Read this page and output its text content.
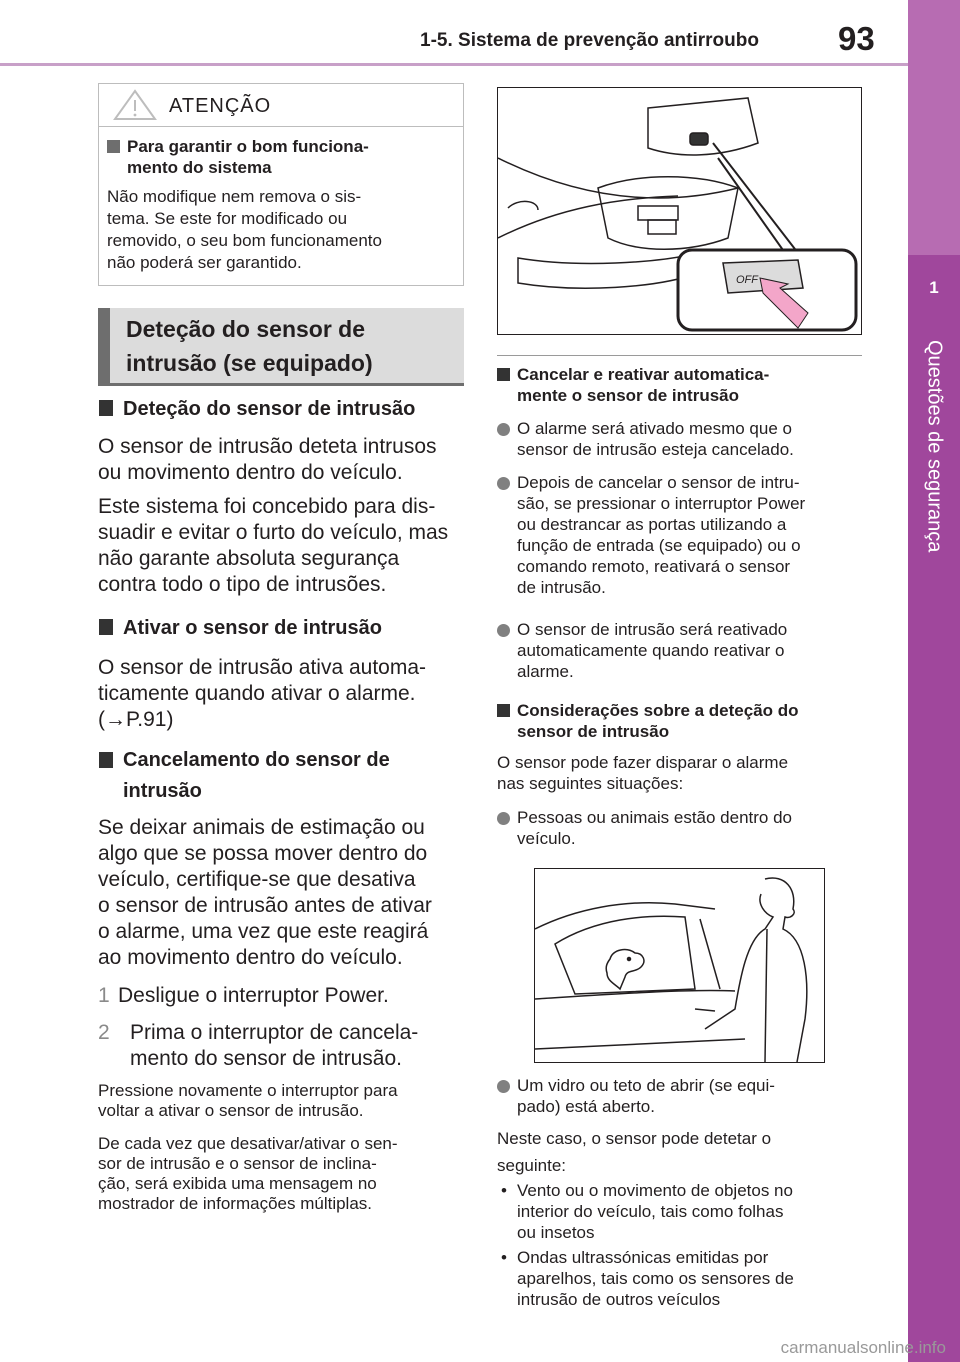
1-5. Sistema de prevenção antirroubo 93
1
Questões de segurança
ATENÇÃO
Para garantir o bom funciona-
mento do sistema
Não modifique nem remova o sis-
tema. Se este for modificado ou
removido, o seu bom funcionamento
não poderá ser garantido.
Deteção do sensor de
intrusão (se equipado)
Deteção do sensor de intrusão
O sensor de intrusão deteta intrusos
ou movimento dentro do veículo.
Este sistema foi concebido para dis-
suadir e evitar o furto do veículo, mas
não garante absoluta segurança
contra todo o tipo de intrusões.
Ativar o sensor de intrusão
O sensor de intrusão ativa automa-
ticamente quando ativar o alarme.
(→P.91)
Cancelamento do sensor de
intrusão
Se deixar animais de estimação ou
algo que se possa mover dentro do
veículo, certifique-se que desativa
o sensor de intrusão antes de ativar
o alarme, uma vez que este reagirá
ao movimento dentro do veículo.
1 Desligue o interruptor Power.
2 Prima o interruptor de cancela-
mento do sensor de intrusão.
Pressione novamente o interruptor para
voltar a ativar o sensor de intrusão.
De cada vez que desativar/ativar o sen-
sor de intrusão e o sensor de inclina-
ção, será exibida uma mensagem no
mostrador de informações múltiplas.
OFF
Cancelar e reativar automatica-
mente o sensor de intrusão
O alarme será ativado mesmo que o
sensor de intrusão esteja cancelado.
Depois de cancelar o sensor de intru-
são, se pressionar o interruptor Power
ou destrancar as portas utilizando a
função de entrada (se equipado) ou o
comando remoto, reativará o sensor
de intrusão.
O sensor de intrusão será reativado
automaticamente quando reativar o
alarme.
Considerações sobre a deteção do
sensor de intrusão
O sensor pode fazer disparar o alarme
nas seguintes situações:
Pessoas ou animais estão dentro do
veículo.
Um vidro ou teto de abrir (se equi-
pado) está aberto.
Neste caso, o sensor pode detetar o
seguinte:
• Vento ou o movimento de objetos no
interior do veículo, tais como folhas
ou insetos
• Ondas ultrassónicas emitidas por
aparelhos, tais como os sensores de
intrusão de outros veículos
carmanualsonline.info
